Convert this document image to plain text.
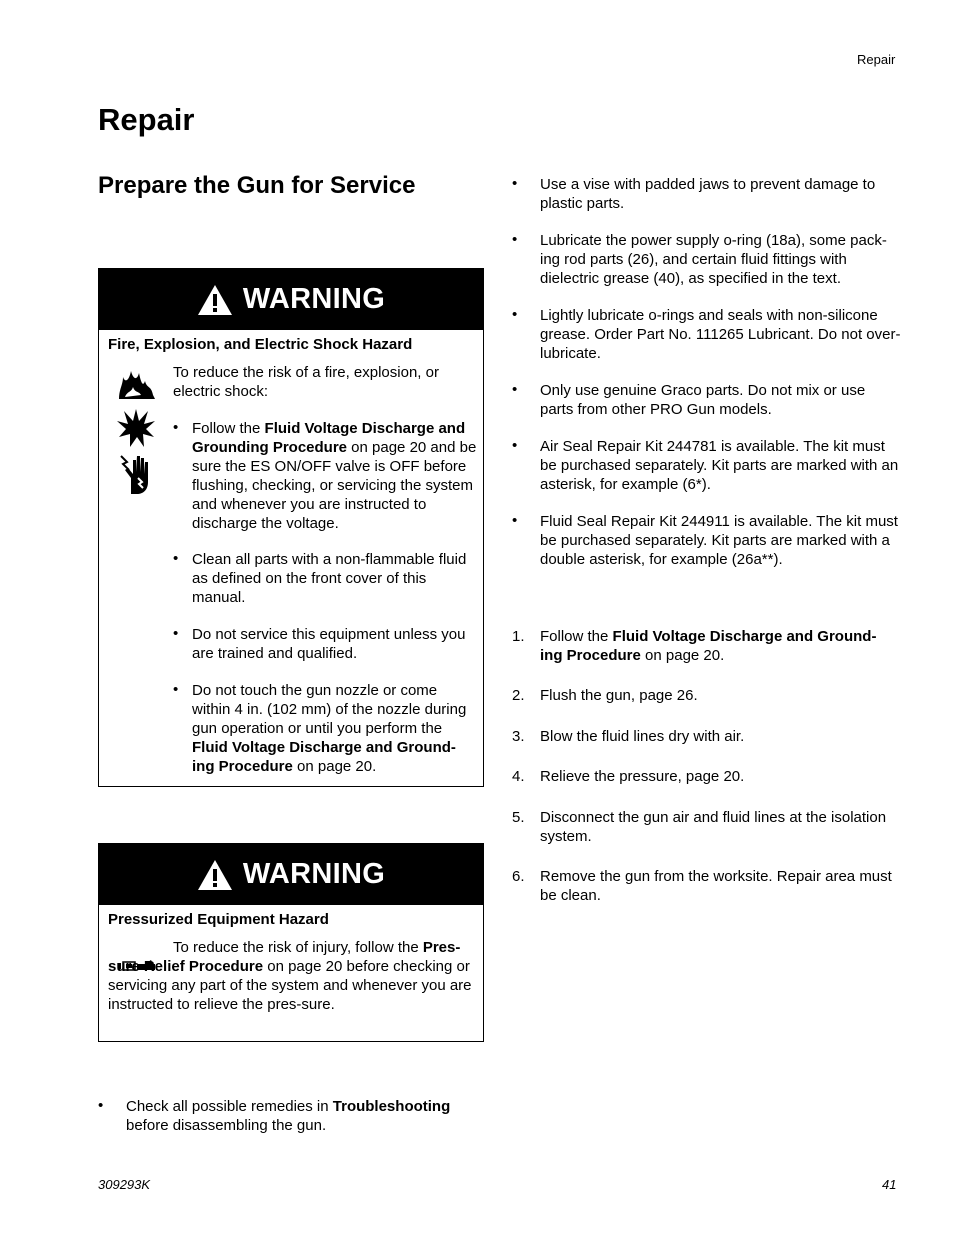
Repair
Repair
Prepare the Gun for Service
WARNING
Fire, Explosion, and Electric Shock Hazard
To reduce the risk of a fire, explosion, or electric shock:
• Follow the Fluid Voltage Discharge and Grounding Procedure on page 20 and be sure the ES ON/OFF valve is OFF before flushing, checking, or servicing the system and whenever you are instructed to discharge the voltage.
• Clean all parts with a non-flammable fluid as defined on the front cover of this manual.
• Do not service this equipment unless you are trained and qualified.
• Do not touch the gun nozzle or come within 4 in. (102 mm) of the nozzle during gun operation or until you perform the Fluid Voltage Discharge and Ground-ing Procedure on page 20.
WARNING
Pressurized Equipment Hazard
To reduce the risk of injury, follow the Pres-sure Relief Procedure on page 20 before checking or servicing any part of the system and whenever you are instructed to relieve the pres-sure.
• Check all possible remedies in Troubleshooting before disassembling the gun.
• Use a vise with padded jaws to prevent damage to plastic parts.
• Lubricate the power supply o-ring (18a), some pack-ing rod parts (26), and certain fluid fittings with dielectric grease (40), as specified in the text.
• Lightly lubricate o-rings and seals with non-silicone grease. Order Part No. 111265 Lubricant. Do not over-lubricate.
• Only use genuine Graco parts. Do not mix or use parts from other PRO Gun models.
• Air Seal Repair Kit 244781 is available. The kit must be purchased separately. Kit parts are marked with an asterisk, for example (6*).
• Fluid Seal Repair Kit 244911 is available. The kit must be purchased separately. Kit parts are marked with a double asterisk, for example (26a**).
1. Follow the Fluid Voltage Discharge and Ground-ing Procedure on page 20.
2. Flush the gun, page 26.
3. Blow the fluid lines dry with air.
4. Relieve the pressure, page 20.
5. Disconnect the gun air and fluid lines at the isolation system.
6. Remove the gun from the worksite. Repair area must be clean.
309293K	41
